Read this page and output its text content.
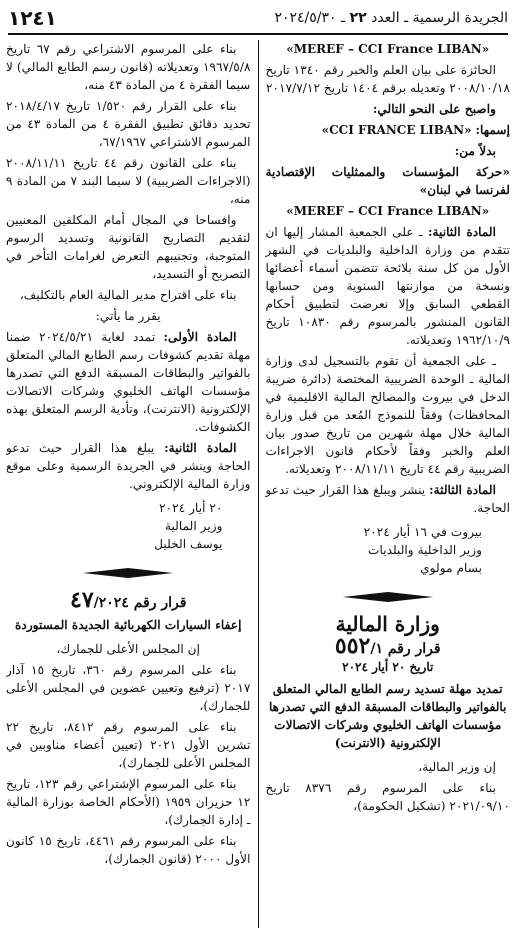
الجريدة الرسمية ـ العدد ٢٢ ـ ٢٠٢٤/٥/٣٠
١٢٤١

«MEREF – CCI France LIBAN»

الحائزة على بيان العلم والخبر رقم ١٣٤٠ تاريخ ٢٠٠٨/١٠/١٨ وتعديله برقم ١٤٠٤ تاريخ ٢٠١٧/٧/١٢

واصبح على النحو التالي:

إسمها: «CCI FRANCE LIBAN»

بدلاً من:

«حركة المؤسسات والممثليات الإقتصادية لفرنسا في لبنان»

«MEREF – CCI France LIBAN»

المادة الثانية: ـ على الجمعية المشار إليها ان تتقدم من وزارة الداخلية والبلديات في الشهر الأول من كل سنة بلائحة تتضمن أسماء أعضائها ونسخة من موازنتها السنوية ومن حسابها القطعي السابق وإلا نعرضت لتطبيق أحكام القانون المنشور بالمرسوم رقم ١٠٨٣٠ تاريخ ١٩٦٢/١٠/٩ وتعديلاته.

ـ على الجمعية أن تقوم بالتسجيل لدى وزارة المالية ـ الوحدة الضريبية المختصة (دائرة ضريبة الدخل في بيروت والمصالح المالية الاقليمية في المحافظات) وفقاً للنموذج المُعد من قبل وزارة المالية خلال مهلة شهرين من تاريخ صدور بيان العلم والخبر وفقاً لأحكام قانون الاجراءات الضريبية رقم ٤٤ تاريخ ٢٠٠٨/١١/١١ وتعديلاته.

المادة الثالثة: ينشر ويبلغ هذا القرار حيث تدعو الحاجة.

بيروت في ١٦ أيار ٢٠٢٤
وزير الداخلية والبلديات
بسام مولوي
وزارة المالية
قرار رقم ٥٥٢/١
تاريخ ٢٠ أيار ٢٠٢٤
تمديد مهلة تسديد رسم الطابع المالي المتعلق بالفواتير والبطاقات المسبقة الدفع التي تصدرها مؤسسات الهاتف الخليوي وشركات الاتصالات الإلكترونية (الانترنت)

إن وزير المالية،

بناء على المرسوم رقم ٨٣٧٦ تاريخ ٢٠٢١/٠٩/١٠ (تشكيل الحكومة)،

بناء على المرسوم الاشتراعي رقم ٦٧ تاريخ ١٩٦٧/٥/٨ وتعديلاته (قانون رسم الطابع المالي) لا سيما الفقرة ٤ من المادة ٤٣ منه،

بناء على القرار رقم ١/٥٢٠ تاريخ ٢٠١٨/٤/١٧ تحديد دقائق تطبيق الفقرة ٤ من المادة ٤٣ من المرسوم الاشتراعي ٦٧/١٩٦٧،

بناء على القانون رقم ٤٤ تاريخ ٢٠٠٨/١١/١١ (الاجراءات الضريبية) لا سيما البند ٧ من المادة ٩ منه،

وافساحا في المجال أمام المكلفين المعنيين لتقديم التصاريح القانونية وتسديد الرسوم المتوجبة، وتجنيبهم التعرض لغرامات التأخر في التصريح أو التسديد،

بناء على اقتراح مدير المالية العام بالتكليف،

يقرر ما يأتي:

المادة الأولى: تمدد لغاية ٢٠٢٤/٥/٢١ ضمنا مهلة تقديم كشوفات رسم الطابع المالي المتعلق بالفواتير والبطاقات المسبقة الدفع التي تصدرها مؤسسات الهاتف الخليوي وشركات الاتصالات الإلكترونية (الانترنت)، وتأدية الرسم المتعلق بهذه الكشوفات.

المادة الثانية: يبلغ هذا القرار حيث تدعو الحاجة وينشر في الجريدة الرسمية وعلى موقع وزارة المالية الإلكتروني.

٢٠ أيار ٢٠٢٤
وزير المالية
يوسف الخليل
قرار رقم ٤٧/٢٠٢٤
إعفاء السيارات الكهربائية الجديدة المستوردة

إن المجلس الأعلى للجمارك،

بناء على المرسوم رقم ٣٦٠، تاريخ ١٥ آذار ٢٠١٧ (ترفيع وتعيين عضوين في المجلس الأعلى للجمارك)،

بناء على المرسوم رقم ٨٤١٢، تاريخ ٢٢ تشرين الأول ٢٠٢١ (تعيين أعضاء مناوبين في المجلس الأعلى للجمارك)،

بناء على المرسوم الإشتراعي رقم ١٢٣، تاريخ ١٢ حزيران ١٩٥٩ (الأحكام الخاصة بوزارة المالية ـ إدارة الجمارك)،

بناء على المرسوم رقم ٤٤٦١، تاريخ ١٥ كانون الأول ٢٠٠٠ (قانون الجمارك)،
